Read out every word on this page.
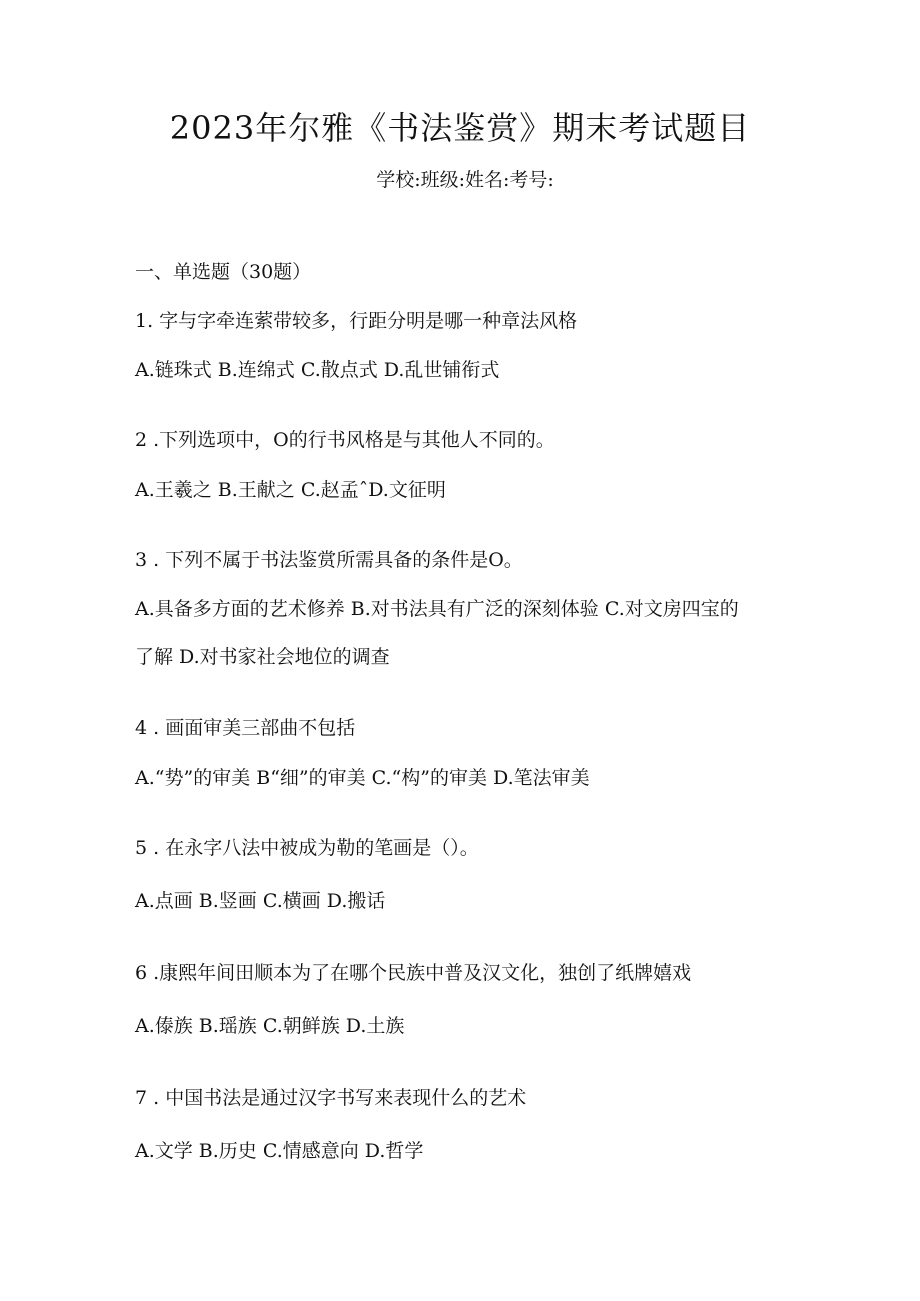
2023年尔雅《书法鉴赏》期末考试题目
学校:班级:姓名:考号:
一、单选题（30题）
1. 字与字牵连萦带较多，行距分明是哪一种章法风格
A.链珠式 B.连绵式 C.散点式 D.乱世铺衔式
2 .下列选项中，O的行书风格是与其他人不同的。
A.王羲之 B.王献之 C.赵孟ˆD.文征明
3 . 下列不属于书法鉴赏所需具备的条件是O。
A.具备多方面的艺术修养 B.对书法具有广泛的深刻体验 C.对文房四宝的
了解 D.对书家社会地位的调查
4 . 画面审美三部曲不包括
A.“势”的审美 B“细”的审美 C.“构”的审美 D.笔法审美
5 . 在永字八法中被成为勒的笔画是（）。
A.点画 B.竖画 C.横画 D.搬话
6 .康熙年间田顺本为了在哪个民族中普及汉文化，独创了纸牌嬉戏
A.傣族 B.瑶族 C.朝鲜族 D.土族
7 . 中国书法是通过汉字书写来表现什么的艺术
A.文学 B.历史 C.情感意向 D.哲学
